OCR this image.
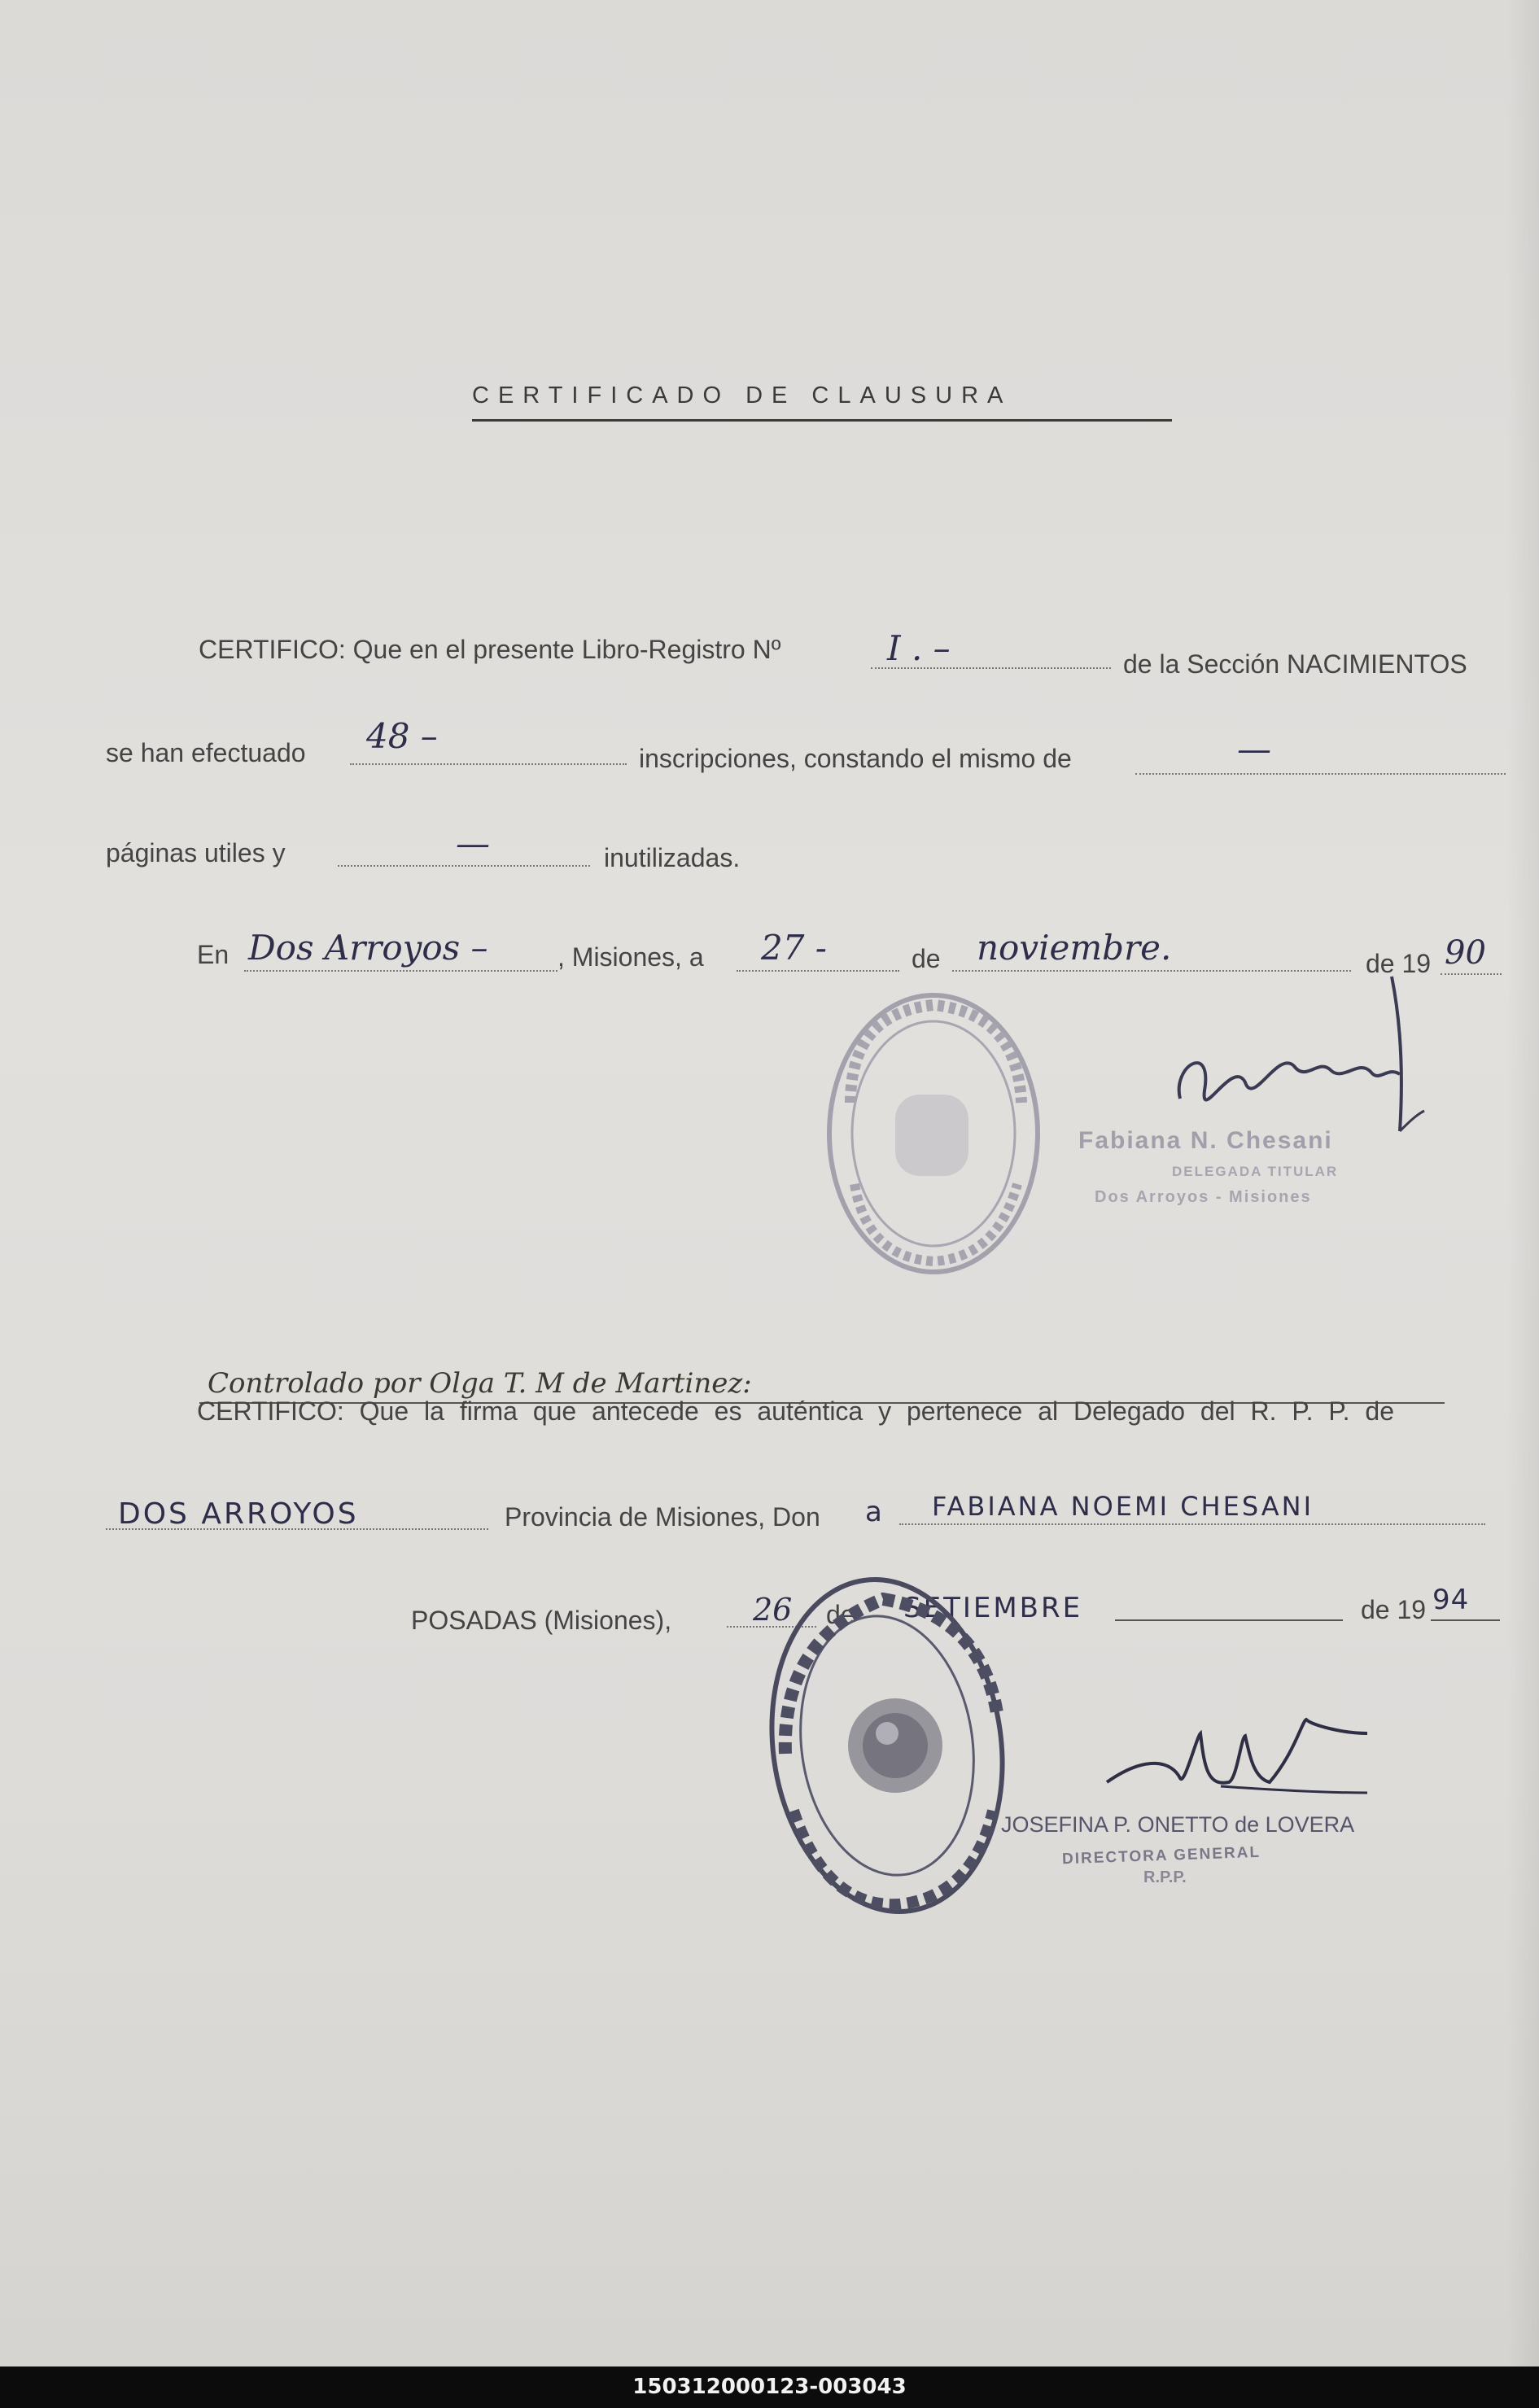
CERTIFICADO DE CLAUSURA
CERTIFICO: Que en el presente Libro-Registro Nº	I . –	de la Sección NACIMIENTOS
se han efectuado 48 –
inscripciones, constando el mismo de	—
páginas utiles y	—	inutilizadas.
En Dos Arroyos –	, Misiones, a 27 -	de noviembre.	de 19 90
Fabiana N. Chesani
DELEGADA TITULAR
Dos Arroyos - Misiones
Controlado por Olga T. M de Martinez:
CERTIFICO: Que la firma que antecede es auténtica y pertenece al Delegado del R. P. P. de
DOS ARROYOS	Provincia de Misiones, Don a FABIANA NOEMI CHESANI
POSADAS (Misiones),	26 de SETIEMBRE	de 19 94
JOSEFINA P. ONETTO de LOVERA
DIRECTORA GENERAL
R.P.P.
150312000123-003043
